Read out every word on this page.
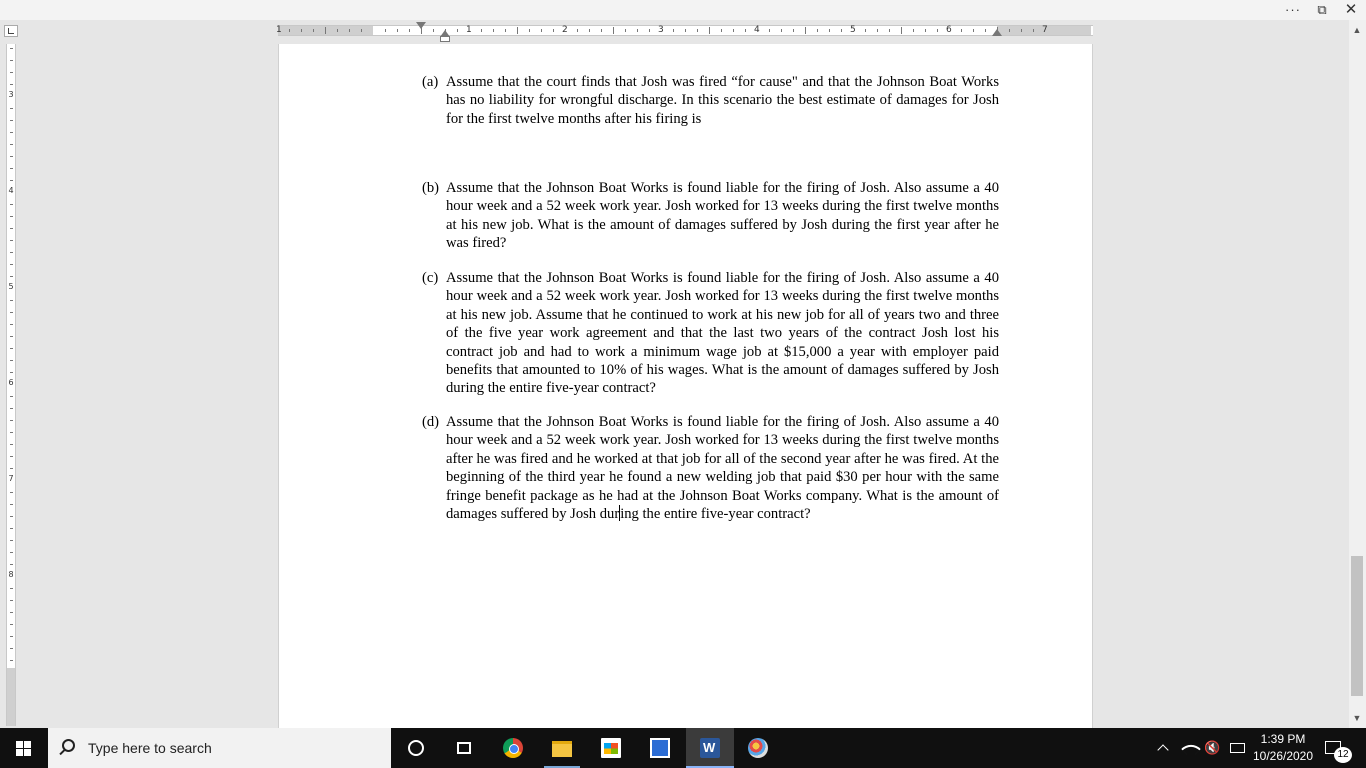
···	⧉	✕
1	1	2	3	4	5	6	7
3
4
5
6
7
8
(a) Assume that the court finds that Josh was fired “for cause" and that the Johnson Boat Works has no liability for wrongful discharge. In this scenario the best estimate of damages for Josh for the first twelve months after his firing is
(b) Assume that the Johnson Boat Works is found liable for the firing of Josh. Also assume a 40 hour week and a 52 week work year. Josh worked for 13 weeks during the first twelve months at his new job. What is the amount of damages suffered by Josh during the first year after he was fired?
(c) Assume that the Johnson Boat Works is found liable for the firing of Josh. Also assume a 40 hour week and a 52 week work year. Josh worked for 13 weeks during the first twelve months at his new job. Assume that he continued to work at his new job for all of years two and three of the five year work agreement and that the last two years of the contract Josh lost his contract job and had to work a minimum wage job at $15,000 a year with employer paid benefits that amounted to 10% of his wages. What is the amount of damages suffered by Josh during the entire five-year contract?
(d) Assume that the Johnson Boat Works is found liable for the firing of Josh. Also assume a 40 hour week and a 52 week work year. Josh worked for 13 weeks during the first twelve months after he was fired and he worked at that job for all of the second year after he was fired. At the beginning of the third year he found a new welding job that paid $30 per hour with the same fringe benefit package as he had at the Johnson Boat Works company. What is the amount of damages suffered by Josh during the entire five-year contract?
▲
▼
Type here to search
W	🔇
1:39 PM
10/26/2020	12
